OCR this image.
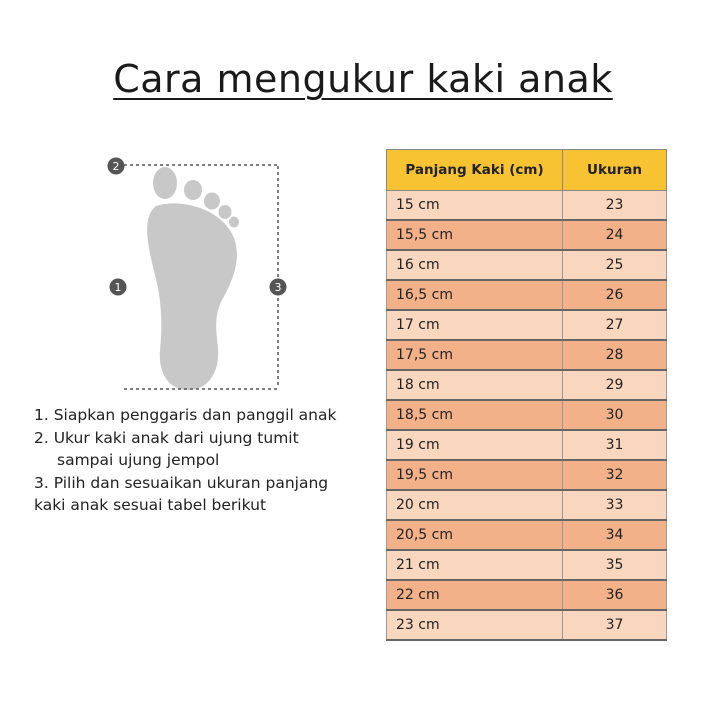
Cara mengukur kaki anak
2
1	3
1. Siapkan penggaris dan panggil anak
2. Ukur kaki anak dari ujung tumit
sampai ujung jempol
3. Pilih dan sesuaikan ukuran panjang
kaki anak sesuai tabel berikut
Panjang Kaki (cm)	Ukuran
15 cm	23
15,5 cm	24
16 cm	25
16,5 cm	26
17 cm	27
17,5 cm	28
18 cm	29
18,5 cm	30
19 cm	31
19,5 cm	32
20 cm	33
20,5 cm	34
21 cm	35
22 cm	36
23 cm	37
